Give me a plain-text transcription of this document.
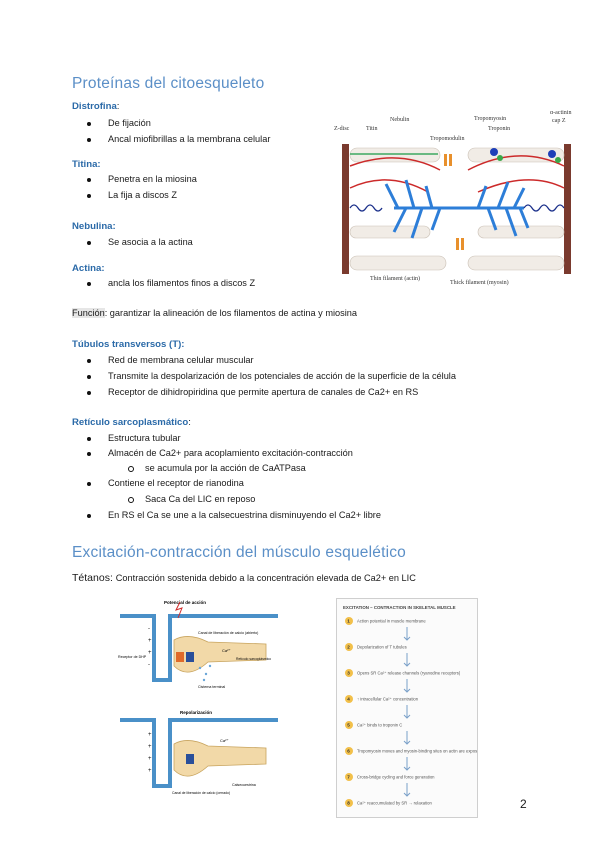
Proteínas del citoesqueleto
Distrofina:
De fijación
Ancal miofibrillas a la membrana celular
Titina:
Penetra en la miosina
La fija a discos Z
Nebulina:
Se asocia a la actina
Actina:
ancla los filamentos finos a discos Z
Función: garantizar la alineación de los filamentos de actina y miosina
Túbulos transversos (T):
Red de membrana celular muscular
Transmite la despolarización de los potenciales de acción de la superficie de la célula
Receptor de dihidropiridina que permite apertura de canales de Ca2+ en RS
Retículo sarcoplasmático:
Estructura tubular
Almacén de Ca2+ para acoplamiento excitación-contracción
se acumula por la acción de CaATPasa
Contiene el receptor de rianodina
Saca Ca del LIC en reposo
En RS el Ca se une a la calsecuestrina disminuyendo el Ca2+ libre
Z-disc	Titin
Nebulin
Tropomodulin
Troponin
Tropomyosin
α-actinin
cap Z
Thin filament (actin)
Thick filament (myosin)
Excitación-contracción del músculo esquelético
Tétanos: Contracción sostenida debido a la concentración elevada de Ca2+ en LIC
Potencial de acción
Canal de liberación de calcio (abierto)
Receptor de DHP
Ca²⁺
Retículo sarcoplásmico
Cisterna terminal
Repolarización
Ca²⁺
Canal de liberación de calcio (cerrado)
Calsecuestrina
-
+
+
-
+
+
+
+
EXCITATION – CONTRACTION IN SKELETAL MUSCLE
1 Action potential in muscle membrane
2 Depolarization of T tubules
3 Opens SR Ca²⁺ release channels (ryanodine receptors)
4 ↑ intracellular Ca²⁺ concentration
5 Ca²⁺ binds to troponin C
6 Tropomyosin moves and myosin-binding sites on actin are exposed
7 Cross-bridge cycling and force generation
8 Ca²⁺ reaccumulated by SR → relaxation	2
